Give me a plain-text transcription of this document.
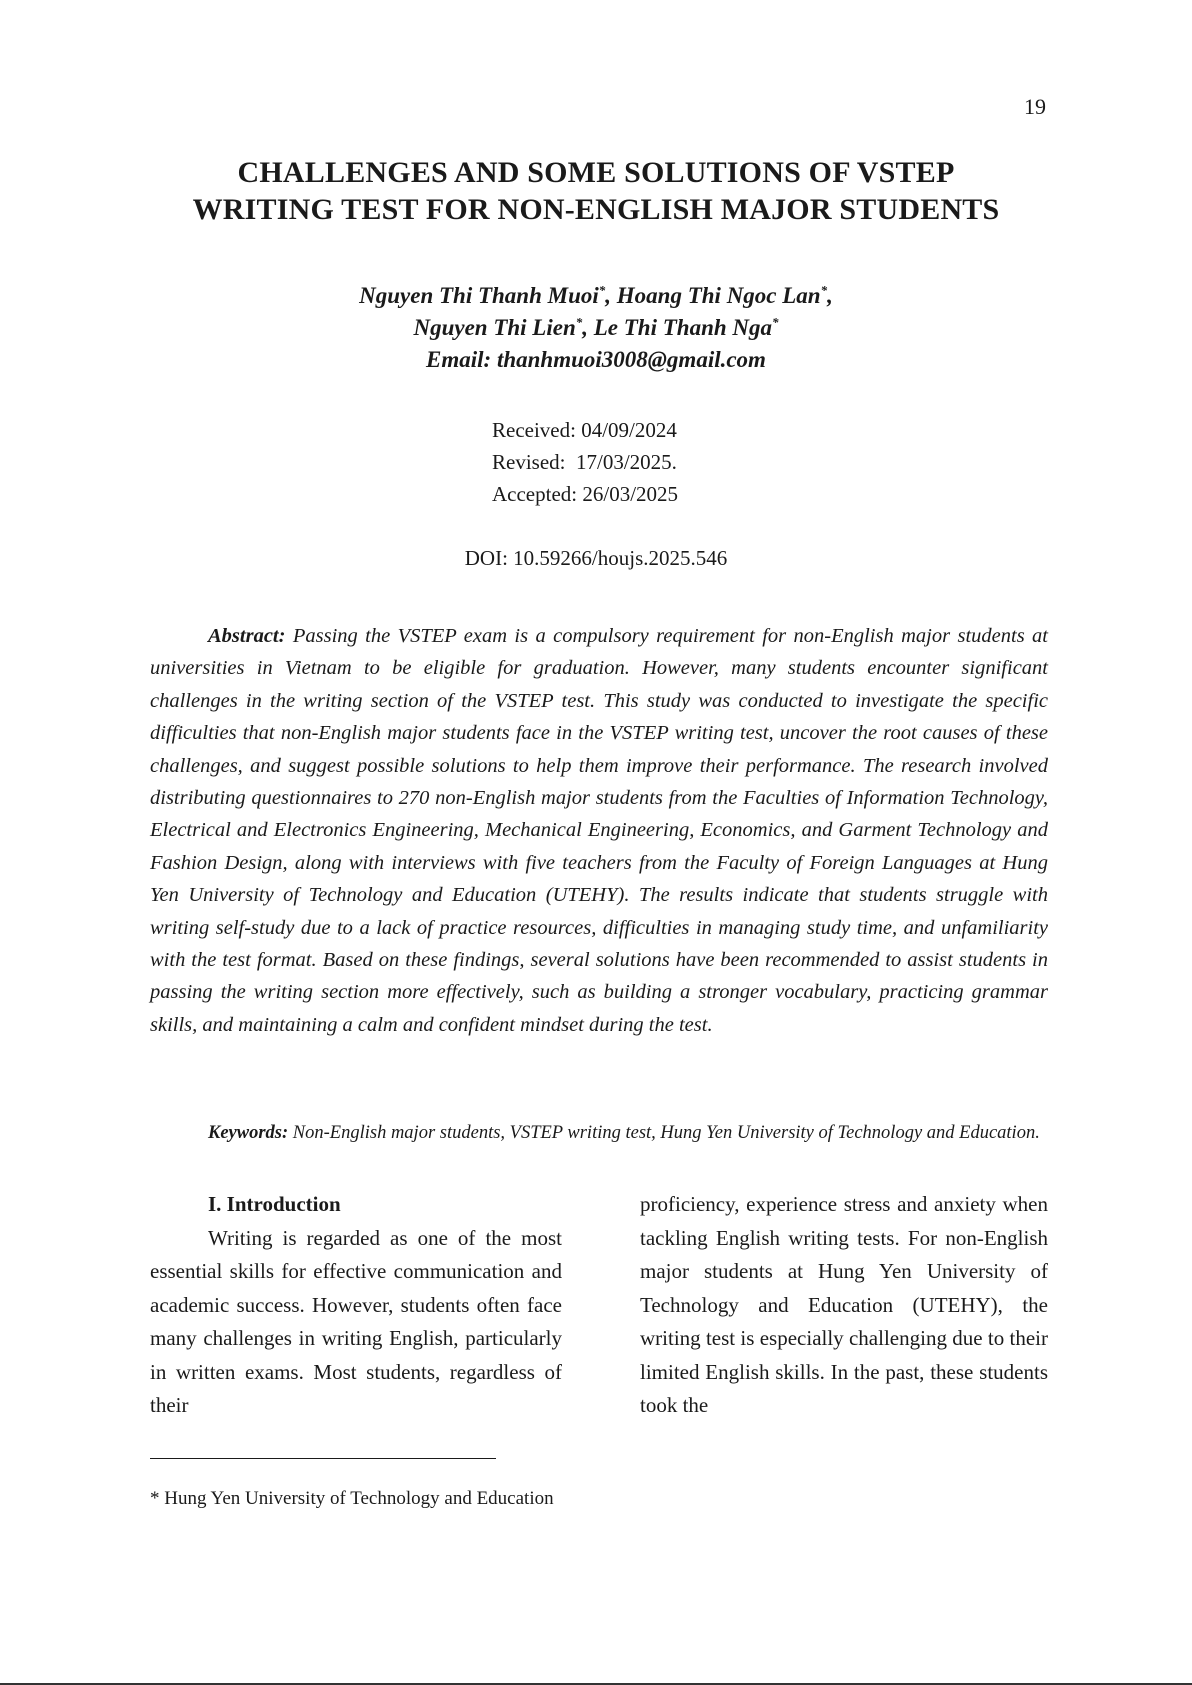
19
CHALLENGES AND SOME SOLUTIONS OF VSTEP
WRITING TEST FOR NON-ENGLISH MAJOR STUDENTS
Nguyen Thi Thanh Muoi*, Hoang Thi Ngoc Lan*,
Nguyen Thi Lien*, Le Thi Thanh Nga*
Email: thanhmuoi3008@gmail.com
Received: 04/09/2024
Revised:  17/03/2025.
Accepted: 26/03/2025
DOI: 10.59266/houjs.2025.546

Abstract: Passing the VSTEP exam is a compulsory requirement for non-English major students at universities in Vietnam to be eligible for graduation. However, many students encounter significant challenges in the writing section of the VSTEP test. This study was conducted to investigate the specific difficulties that non-English major students face in the VSTEP writing test, uncover the root causes of these challenges, and suggest possible solutions to help them improve their performance. The research involved distributing questionnaires to 270 non-English major students from the Faculties of Information Technology, Electrical and Electronics Engineering, Mechanical Engineering, Economics, and Garment Technology and Fashion Design, along with interviews with five teachers from the Faculty of Foreign Languages at Hung Yen University of Technology and Education (UTEHY). The results indicate that students struggle with writing self-study due to a lack of practice resources, difficulties in managing study time, and unfamiliarity with the test format. Based on these findings, several solutions have been recommended to assist students in passing the writing section more effectively, such as building a stronger vocabulary, practicing grammar skills, and maintaining a calm and confident mindset during the test.

Keywords: Non-English major students, VSTEP writing test, Hung Yen University of Technology and Education.

I. Introduction

Writing is regarded as one of the most essential skills for effective communication and academic success. However, students often face many challenges in writing English, particularly in written exams. Most students, regardless of their

proficiency, experience stress and anxiety when tackling English writing tests. For non-English major students at Hung Yen University of Technology and Education (UTEHY), the writing test is especially challenging due to their limited English skills. In the past, these students took the

* Hung Yen University of Technology and Education
